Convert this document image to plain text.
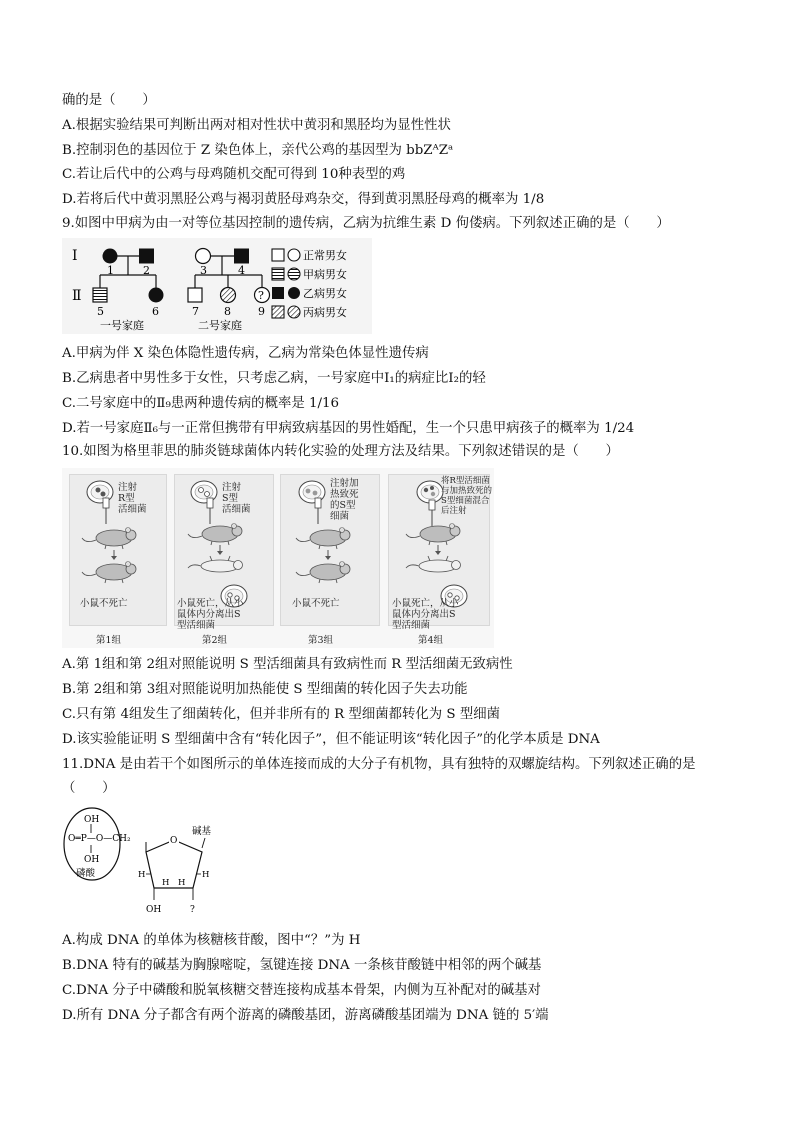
确的是（　　）
A.根据实验结果可判断出两对相对性状中黄羽和黑胫均为显性性状
B.控制羽色的基因位于 Z 染色体上，亲代公鸡的基因型为 bbZᴬZᵃ
C.若让后代中的公鸡与母鸡随机交配可得到 10种表型的鸡
D.若将后代中黄羽黑胫公鸡与褐羽黄胫母鸡杂交，得到黄羽黑胫母鸡的概率为 1/8
9.如图中甲病为由一对等位基因控制的遗传病，乙病为抗维生素 D 佝偻病。下列叙述正确的是（　　）
Ⅰ
Ⅱ
1	2
5	6
一号家庭
?
3	4
7 8 9
二号家庭
正常男女
甲病男女
乙病男女
丙病男女
A.甲病为伴 X 染色体隐性遗传病，乙病为常染色体显性遗传病
B.乙病患者中男性多于女性，只考虑乙病，一号家庭中Ⅰ₁的病症比Ⅰ₂的轻
C.二号家庭中的Ⅱ₉患两种遗传病的概率是 1/16
D.若一号家庭Ⅱ₆与一正常但携带有甲病致病基因的男性婚配，生一个只患甲病孩子的概率为 1/24
10.如图为格里菲思的肺炎链球菌体内转化实验的处理方法及结果。下列叙述错误的是（　　）
注射
R型
活细菌
注射
S型
活细菌
注射加
热致死
的S型
细菌
将R型活细菌
与加热致死的
S型细菌混合
后注射
小鼠不死亡	小鼠死亡，从小
鼠体内分离出S
型活细菌
小鼠不死亡	小鼠死亡，从小
鼠体内分离出S
型活细菌
第1组	第2组	第3组	第4组
A.第 1组和第 2组对照能说明 S 型活细菌具有致病性而 R 型活细菌无致病性
B.第 2组和第 3组对照能说明加热能使 S 型细菌的转化因子失去功能
C.只有第 4组发生了细菌转化，但并非所有的 R 型细菌都转化为 S 型细菌
D.该实验能证明 S 型细菌中含有“转化因子”，但不能证明该“转化因子”的化学本质是 DNA
11.DNA 是由若干个如图所示的单体连接而成的大分子有机物，具有独特的双螺旋结构。下列叙述正确的是
（　　）
OH
O═P—O—CH₂
OH
磷酸
碱基
O
H	H
H H
OH	?
A.构成 DNA 的单体为核糖核苷酸，图中“？”为 H
B.DNA 特有的碱基为胸腺嘧啶，氢键连接 DNA 一条核苷酸链中相邻的两个碱基
C.DNA 分子中磷酸和脱氧核糖交替连接构成基本骨架，内侧为互补配对的碱基对
D.所有 DNA 分子都含有两个游离的磷酸基团，游离磷酸基团端为 DNA 链的 5′端
